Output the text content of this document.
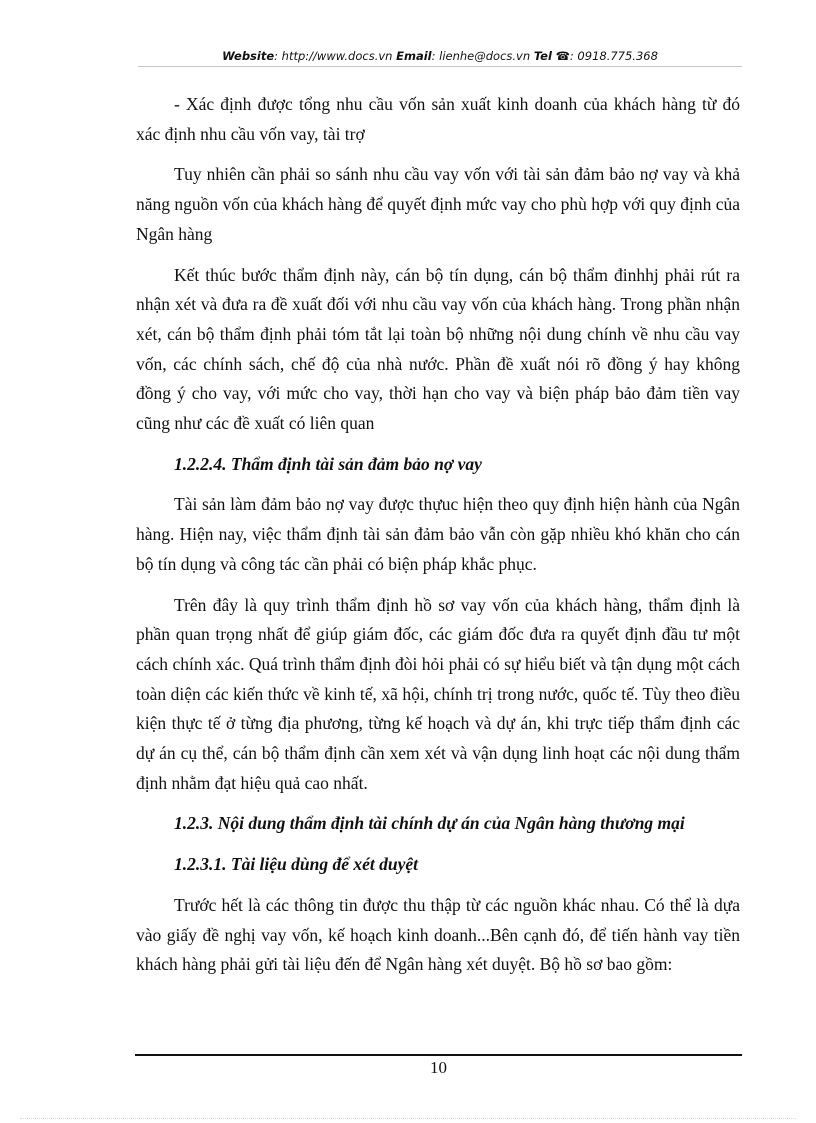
Website: http://www.docs.vn Email: lienhe@docs.vn Tel ☎: 0918.775.368

- Xác định được tổng nhu cầu vốn sản xuất kinh doanh của khách hàng từ đó xác định nhu cầu vốn vay, tài trợ

Tuy nhiên cần phải so sánh nhu cầu vay vốn với tài sản đảm bảo nợ vay và khả năng nguồn vốn của khách hàng để quyết định mức vay cho phù hợp với quy định của Ngân hàng

Kết thúc bước thẩm định này, cán bộ tín dụng, cán bộ thẩm đinhhj phải rút ra nhận xét và đưa ra đề xuất đối với nhu cầu vay vốn của khách hàng. Trong phần nhận xét, cán bộ thẩm định phải tóm tắt lại toàn bộ những nội dung chính về nhu cầu vay vốn, các chính sách, chế độ của nhà nước. Phần đề xuất nói rõ đồng ý hay không đồng ý cho vay, với mức cho vay, thời hạn cho vay và biện pháp bảo đảm tiền vay cũng như các đề xuất có liên quan

1.2.2.4. Thẩm định tài sản đảm bảo nợ vay

Tài sản làm đảm bảo nợ vay được thựuc hiện theo quy định hiện hành của Ngân hàng. Hiện nay, việc thẩm định tài sản đảm bảo vẫn còn gặp nhiều khó khăn cho cán bộ tín dụng và công tác cần phải có biện pháp khắc phục.

Trên đây là quy trình thẩm định hồ sơ vay vốn của khách hàng, thẩm định là phần quan trọng nhất để giúp giám đốc, các giám đốc đưa ra quyết định đầu tư một cách chính xác. Quá trình thẩm định đòi hỏi phải có sự hiểu biết và tận dụng một cách toàn diện các kiến thức về kinh tế, xã hội, chính trị trong nước, quốc tế. Tùy theo điều kiện thực tế ở từng địa phương, từng kế hoạch và dự án, khi trực tiếp thẩm định các dự án cụ thể, cán bộ thẩm định cần xem xét và vận dụng linh hoạt các nội dung thẩm định nhằm đạt hiệu quả cao nhất.

1.2.3. Nội dung thẩm định tài chính dự án của Ngân hàng thương mại
1.2.3.1. Tài liệu dùng để xét duyệt

Trước hết là các thông tin được thu thập từ các nguồn khác nhau. Có thể là dựa vào giấy đề nghị vay vốn, kế hoạch kinh doanh...Bên cạnh đó, để tiến hành vay tiền khách hàng phải gửi tài liệu đến để Ngân hàng xét duyệt. Bộ hồ sơ bao gồm:

10
